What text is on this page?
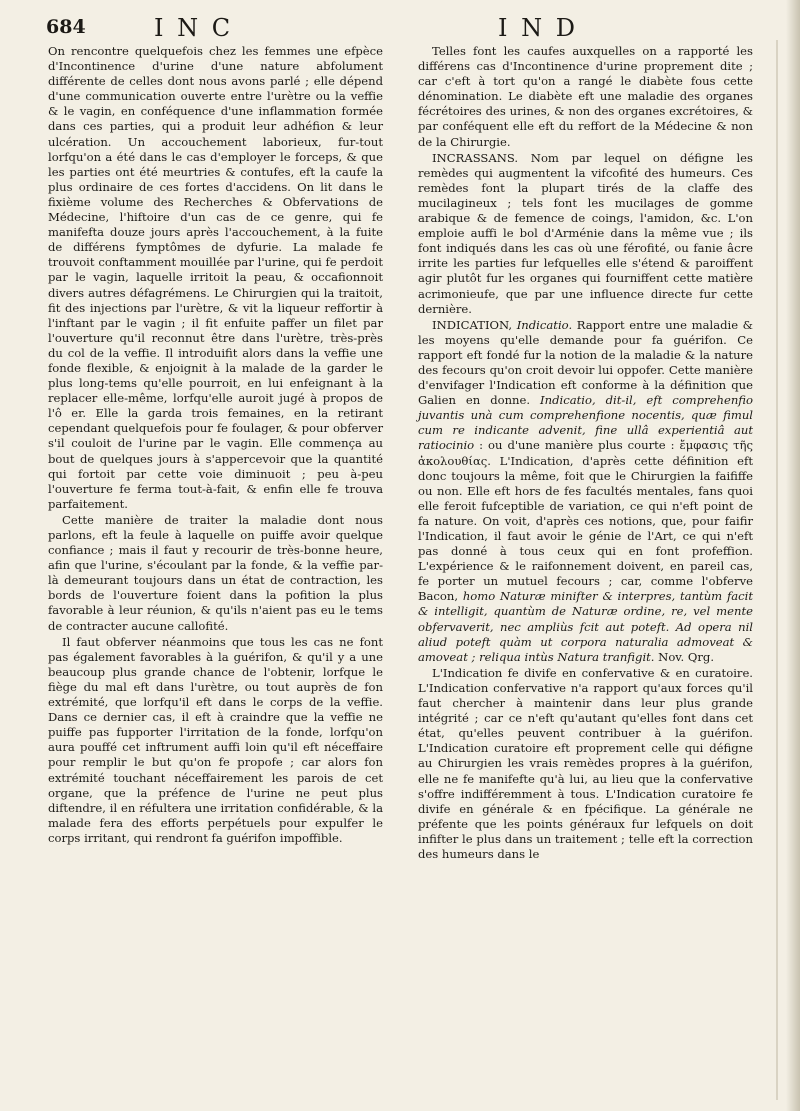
684	I N C	I N D

On rencontre quelquefois chez les femmes une efpèce d'Incontinence d'urine d'une nature abfolument différente de celles dont nous avons parlé ; elle dépend d'une communication ouverte entre l'urètre ou la veffie & le vagin, en conféquence d'une inflammation formée dans ces parties, qui a produit leur adhéfion & leur ulcération. Un accouchement laborieux, fur-tout lorfqu'on a été dans le cas d'employer le forceps, & que les parties ont été meurtries & contufes, eft la caufe la plus ordinaire de ces fortes d'accidens. On lit dans le fixième volume des Recherches & Obfervations de Médecine, l'hiftoire d'un cas de ce genre, qui fe manifefta douze jours après l'accouchement, à la fuite de différens fymptômes de dyfurie. La malade fe trouvoit conftamment mouillée par l'urine, qui fe perdoit par le vagin, laquelle irritoit la peau, & occafionnoit divers autres défagrémens. Le Chirurgien qui la traitoit, fit des injections par l'urètre, & vit la liqueur reffortir à l'inftant par le vagin ; il fit enfuite paffer un filet par l'ouverture qu'il reconnut être dans l'urètre, très-près du col de la veffie. Il introduifit alors dans la veffie une fonde flexible, & enjoignit à la malade de la garder le plus long-tems qu'elle pourroit, en lui enfeignant à la replacer elle-même, lorfqu'elle auroit jugé à propos de l'ô er. Elle la garda trois femaines, en la retirant cependant quelquefois pour fe foulager, & pour obferver s'il couloit de l'urine par le vagin. Elle commença au bout de quelques jours à s'appercevoir que la quantité qui fortoit par cette voie diminuoit ; peu à-peu l'ouverture fe ferma tout-à-fait, & enfin elle fe trouva parfaitement.

Cette manière de traiter la maladie dont nous parlons, eft la feule à laquelle on puiffe avoir quelque confiance ; mais il faut y recourir de très-bonne heure, afin que l'urine, s'écoulant par la fonde, & la veffie par-là demeurant toujours dans un état de contraction, les bords de l'ouverture foient dans la pofition la plus favorable à leur réunion, & qu'ils n'aient pas eu le tems de contracter aucune callofité.

Il faut obferver néanmoins que tous les cas ne font pas également favorables à la guérifon, & qu'il y a une beaucoup plus grande chance de l'obtenir, lorfque le fiège du mal eft dans l'urètre, ou tout auprès de fon extrémité, que lorfqu'il eft dans le corps de la veffie. Dans ce dernier cas, il eft à craindre que la veffie ne puiffe pas fupporter l'irritation de la fonde, lorfqu'on aura pouffé cet inftrument auffi loin qu'il eft néceffaire pour remplir le but qu'on fe propofe ; car alors fon extrémité touchant néceffairement les parois de cet organe, que la préfence de l'urine ne peut plus diftendre, il en réfultera une irritation confidérable, & la malade fera des efforts perpétuels pour expulfer le corps irritant, qui rendront fa guérifon impoffible.

Telles font les caufes auxquelles on a rapporté les différens cas d'Incontinence d'urine proprement dite ; car c'eft à tort qu'on a rangé le diabète fous cette dénomination. Le diabète eft une maladie des organes fécrétoires des urines, & non des organes excrétoires, & par conféquent elle eft du reffort de la Médecine & non de la Chirurgie.

INCRASSANS. Nom par lequel on défigne les remèdes qui augmentent la vifcofité des humeurs. Ces remèdes font la plupart tirés de la claffe des mucilagineux ; tels font les mucilages de gomme arabique & de femence de coings, l'amidon, &c. L'on emploie auffi le bol d'Arménie dans la même vue ; ils font indiqués dans les cas où une férofité, ou fanie âcre irrite les parties fur lefquelles elle s'étend & paroiffent agir plutôt fur les organes qui fourniffent cette matière acrimonieufe, que par une influence directe fur cette dernière.

INDICATION, Indicatio. Rapport entre une maladie & les moyens qu'elle demande pour fa guérifon. Ce rapport eft fondé fur la notion de la maladie & la nature des fecours qu'on croit devoir lui oppofer. Cette manière d'envifager l'Indication eft conforme à la définition que Galien en donne. Indicatio, dit-il, eft comprehenfio juvantis unà cum comprehenfione nocentis, quæ fimul cum re indicante advenit, fine ullâ experientiâ aut ratiocinio : ou d'une manière plus courte : ἔμφασις τῆς ἀκολουθίας. L'Indication, d'après cette définition eft donc toujours la même, foit que le Chirurgien la faififfe ou non. Elle eft hors de fes facultés mentales, fans quoi elle feroit fufceptible de variation, ce qui n'eft point de fa nature. On voit, d'après ces notions, que, pour faifir l'Indication, il faut avoir le génie de l'Art, ce qui n'eft pas donné à tous ceux qui en font profeffion. L'expérience & le raifonnement doivent, en pareil cas, fe porter un mutuel fecours ; car, comme l'obferve Bacon, homo Naturæ minifter & interpres, tantùm facit & intelligit, quantùm de Naturæ ordine, re, vel mente obfervaverit, nec ampliùs fcit aut poteft. Ad opera nil aliud poteft quàm ut corpora naturalia admoveat & amoveat ; reliqua intùs Natura tranfigit. Nov. Qrg.

L'Indication fe divife en confervative & en curatoire. L'Indication confervative n'a rapport qu'aux forces qu'il faut chercher à maintenir dans leur plus grande intégrité ; car ce n'eft qu'autant qu'elles font dans cet état, qu'elles peuvent contribuer à la guérifon. L'Indication curatoire eft proprement celle qui défigne au Chirurgien les vrais remèdes propres à la guérifon, elle ne fe manifefte qu'à lui, au lieu que la confervative s'offre indifféremment à tous. L'Indication curatoire fe divife en générale & en fpécifique. La générale ne préfente que les points généraux fur lefquels on doit infifter le plus dans un traitement ; telle eft la correction des humeurs dans le
